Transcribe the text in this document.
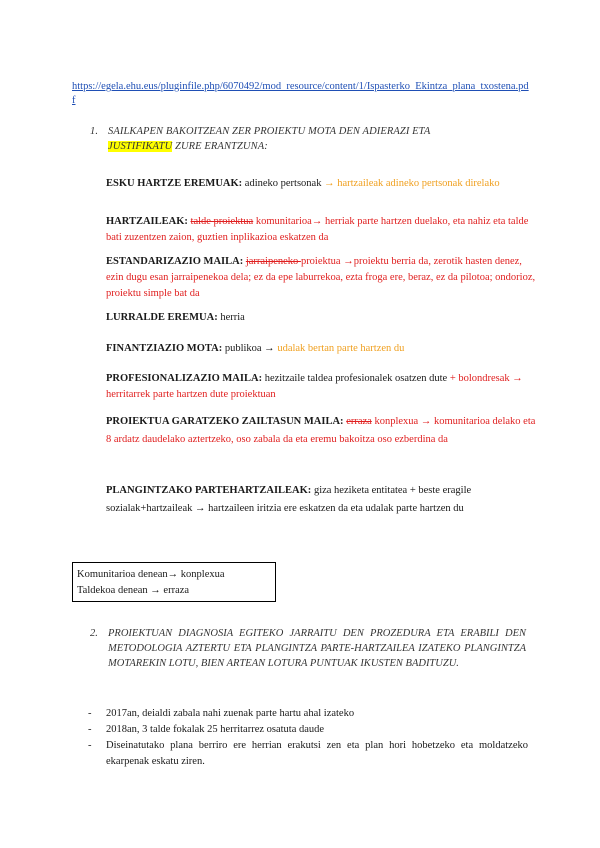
https://egela.ehu.eus/pluginfile.php/6070492/mod_resource/content/1/Ispasterko_Ekintza_plana_txostena.pdf
1. SAILKAPEN BAKOITZEAN ZER PROIEKTU MOTA DEN ADIERAZI ETA
JUSTIFIKATU ZURE ERANTZUNA:
ESKU HARTZE EREMUAK: adineko pertsonak → hartzaileak adineko pertsonak direlako
HARTZAILEAK: talde proiektua komunitarioa→ herriak parte hartzen duelako, eta nahiz eta talde bati zuzentzen zaion, guztien inplikazioa eskatzen da
ESTANDARIZAZIO MAILA: jarraipeneko proiektua →proiektu berria da, zerotik hasten denez, ezin dugu esan jarraipenekoa dela; ez da epe laburrekoa, ezta froga ere, beraz, ez da pilotoa; ondorioz, proiektu simple bat da
LURRALDE EREMUA: herria
FINANTZIAZIO MOTA: publikoa → udalak bertan parte hartzen du
PROFESIONALIZAZIO MAILA: hezitzaile taldea profesionalek osatzen dute + bolondresak → herritarrek parte hartzen dute proiektuan
PROIEKTUA GARATZEKO ZAILTASUN MAILA: erraza konplexua → komunitarioa delako eta 8 ardatz daudelako aztertzeko, oso zabala da eta eremu bakoitza oso ezberdina da
PLANGINTZAKO PARTEHARTZAILEAK: giza heziketa entitatea + beste eragile sozialak+hartzaileak → hartzaileen iritzia ere eskatzen da eta udalak parte hartzen du
Komunitarioa denean→ konplexua
Taldekoa denean → erraza
2. PROIEKTUAN DIAGNOSIA EGITEKO JARRAITU DEN PROZEDURA ETA ERABILI DEN METODOLOGIA AZTERTU ETA PLANGINTZA PARTE-HARTZAILEA IZATEKO PLANGINTZA MOTAREKIN LOTU, BIEN ARTEAN LOTURA PUNTUAK IKUSTEN BADITUZU.
- 2017an, deialdi zabala nahi zuenak parte hartu ahal izateko
- 2018an, 3 talde fokalak 25 herritarrez osatuta daude
- Diseinatutako plana berriro ere herrian erakutsi zen eta plan hori hobetzeko eta moldatzeko ekarpenak eskatu ziren.
